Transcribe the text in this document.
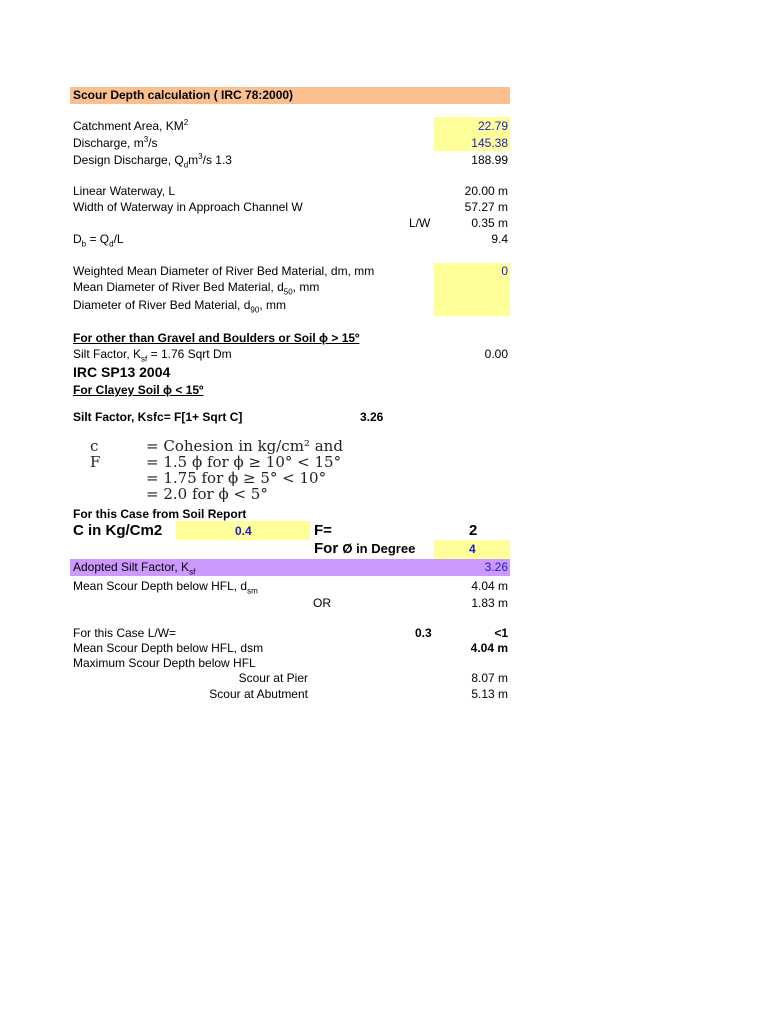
Scour Depth calculation ( IRC 78:2000)
Catchment Area, $KM^2$	22.79
Discharge, $m^3/s$	145.38
Design Discharge, $Q_dm^3/s$ 1.3	188.99
Linear Waterway, L	20.00 m
Width of Waterway in Approach Channel W	57.27 m
L/W	0.35 m
$D_b = Q_d/L$	9.4
Weighted Mean Diameter of River Bed Material, dm, mm	0
Mean Diameter of River Bed Material, $d_{50}$, mm
Diameter of River Bed Material, $d_{90}$, mm
For other than Gravel and Boulders or Soil ϕ > 15º
Silt Factor, $K_{sf} = 1.76$ Sqrt Dm	0.00
IRC SP13 2004
For Clayey Soil ϕ < 15º
Silt Factor, Ksfc= F[1+ Sqrt C]	3.26
c	= Cohesion in kg/cm² and
F	= 1.5 ϕ for ϕ ≥ 10° < 15°
= 1.75 for ϕ ≥ 5° < 10°
= 2.0 for ϕ < 5°
For this Case from Soil Report
C in Kg/Cm2	0.4	F=	2
For Ø in Degree	4
Adopted Silt Factor, $K_{sf}$	3.26
Mean Scour Depth below HFL, $d_{sm}$	4.04 m
OR	1.83 m
For this Case L/W=	0.3	<1
Mean Scour Depth below HFL, dsm	4.04 m
Maximum Scour Depth below HFL
Scour at Pier	8.07 m
Scour at Abutment	5.13 m
